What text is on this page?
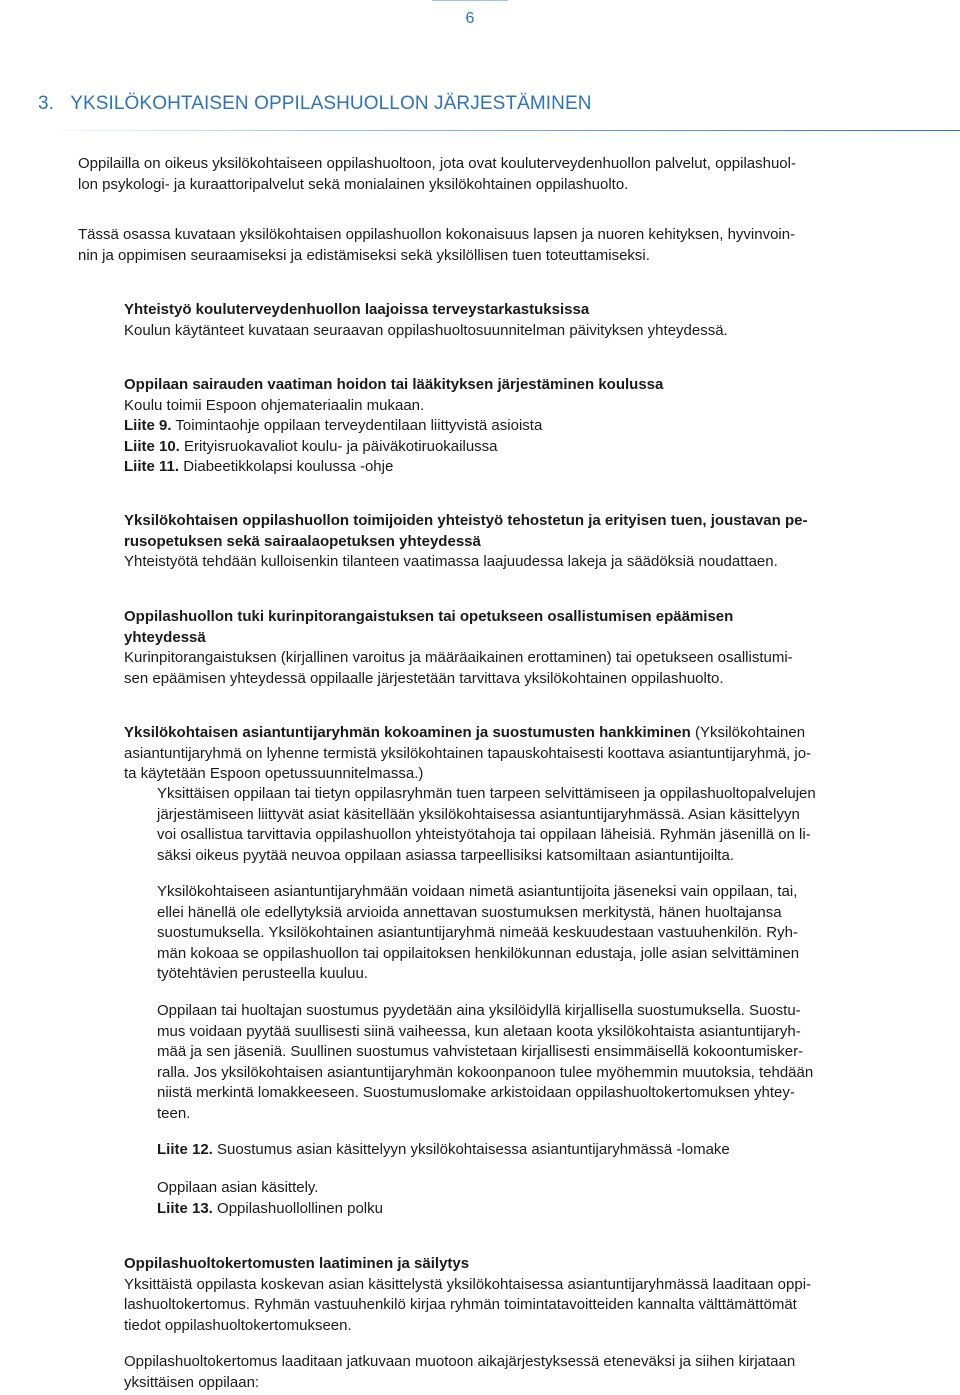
6
3. YKSILÖKOHTAISEN OPPILASHUOLLON JÄRJESTÄMINEN

Oppilailla on oikeus yksilökohtaiseen oppilashuoltoon, jota ovat kouluterveydenhuollon palvelut, oppilashuol-

lon psykologi- ja kuraattoripalvelut sekä monialainen yksilökohtainen oppilashuolto.

Tässä osassa kuvataan yksilökohtaisen oppilashuollon kokonaisuus lapsen ja nuoren kehityksen, hyvinvoin-

nin ja oppimisen seuraamiseksi ja edistämiseksi sekä yksilöllisen tuen toteuttamiseksi.

Yhteistyö kouluterveydenhuollon laajoissa terveystarkastuksissa

Koulun käytänteet kuvataan seuraavan oppilashuoltosuunnitelman päivityksen yhteydessä.

Oppilaan sairauden vaatiman hoidon tai lääkityksen järjestäminen koulussa

Koulu toimii Espoon ohjemateriaalin mukaan.

Liite 9. Toimintaohje oppilaan terveydentilaan liittyvistä asioista

Liite 10. Erityisruokavaliot koulu- ja päiväkotiruokailussa

Liite 11. Diabeetikkolapsi koulussa -ohje

Yksilökohtaisen oppilashuollon toimijoiden yhteistyö tehostetun ja erityisen tuen, joustavan pe-

rusopetuksen sekä sairaalaopetuksen yhteydessä

Yhteistyötä tehdään kulloisenkin tilanteen vaatimassa laajuudessa lakeja ja säädöksiä noudattaen.

Oppilashuollon tuki kurinpitorangaistuksen tai opetukseen osallistumisen epäämisen

yhteydessä

Kurinpitorangaistuksen (kirjallinen varoitus ja määräaikainen erottaminen) tai opetukseen osallistumi-

sen epäämisen yhteydessä oppilaalle järjestetään tarvittava yksilökohtainen oppilashuolto.

Yksilökohtaisen asiantuntijaryhmän kokoaminen ja suostumusten hankkiminen (Yksilökohtainen

asiantuntijaryhmä on lyhenne termistä yksilökohtainen tapauskohtaisesti koottava asiantuntijaryhmä, jo-

ta käytetään Espoon opetussuunnitelmassa.)

Yksittäisen oppilaan tai tietyn oppilasryhmän tuen tarpeen selvittämiseen ja oppilashuoltopalvelujen

järjestämiseen liittyvät asiat käsitellään yksilökohtaisessa asiantuntijaryhmässä. Asian käsittelyyn

voi osallistua tarvittavia oppilashuollon yhteistyötahoja tai oppilaan läheisiä. Ryhmän jäsenillä on li-

säksi oikeus pyytää neuvoa oppilaan asiassa tarpeellisiksi katsomiltaan asiantuntijoilta.

Yksilökohtaiseen asiantuntijaryhmään voidaan nimetä asiantuntijoita jäseneksi vain oppilaan, tai,

ellei hänellä ole edellytyksiä arvioida annettavan suostumuksen merkitystä, hänen huoltajansa

suostumuksella. Yksilökohtainen asiantuntijaryhmä nimeää keskuudestaan vastuuhenkilön. Ryh-

män kokoaa se oppilashuollon tai oppilaitoksen henkilökunnan edustaja, jolle asian selvittäminen

työtehtävien perusteella kuuluu.

Oppilaan tai huoltajan suostumus pyydetään aina yksilöidyllä kirjallisella suostumuksella. Suostu-

mus voidaan pyytää suullisesti siinä vaiheessa, kun aletaan koota yksilökohtaista asiantuntijaryh-

mää ja sen jäseniä. Suullinen suostumus vahvistetaan kirjallisesti ensimmäisellä kokoontumisker-

ralla. Jos yksilökohtaisen asiantuntijaryhmän kokoonpanoon tulee myöhemmin muutoksia, tehdään

niistä merkintä lomakkeeseen. Suostumuslomake arkistoidaan oppilashuoltokertomuksen yhtey-

teen.

Liite 12. Suostumus asian käsittelyyn yksilökohtaisessa asiantuntijaryhmässä -lomake

Oppilaan asian käsittely.

Liite 13. Oppilashuollollinen polku

Oppilashuoltokertomusten laatiminen ja säilytys

Yksittäistä oppilasta koskevan asian käsittelystä yksilökohtaisessa asiantuntijaryhmässä laaditaan oppi-

lashuoltokertomus. Ryhmän vastuuhenkilö kirjaa ryhmän toimintatavoitteiden kannalta välttämättömät

tiedot oppilashuoltokertomukseen.

Oppilashuoltokertomus laaditaan jatkuvaan muotoon aikajärjestyksessä eteneväksi ja siihen kirjataan

yksittäisen oppilaan:
